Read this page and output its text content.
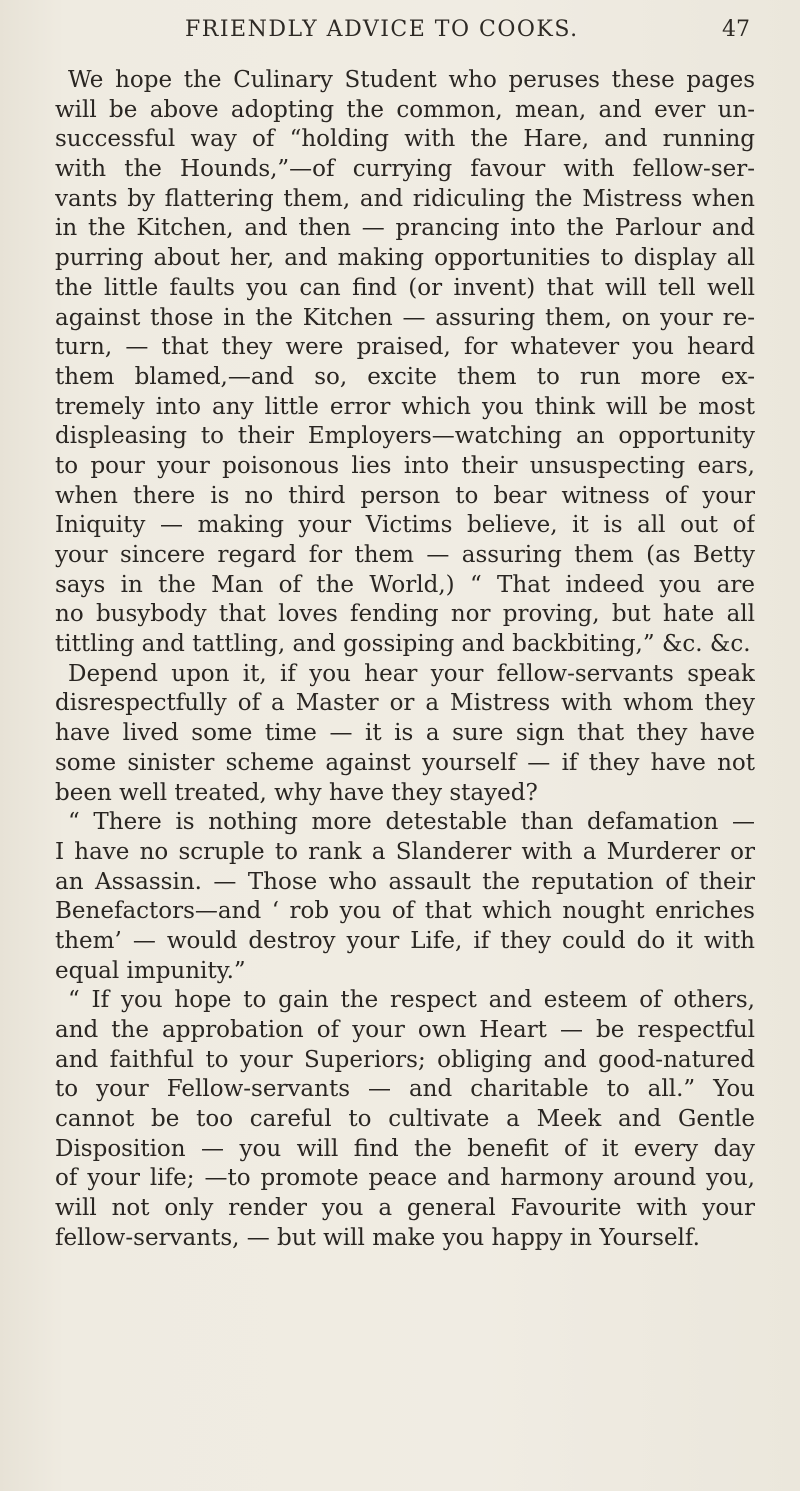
FRIENDLY ADVICE TO COOKS.	47
We hope the Culinary Student who peruses these pages
will be above adopting the common, mean, and ever un-
successful way of “holding with the Hare, and running
with the Hounds,”—of currying favour with fellow-ser-
vants by flattering them, and ridiculing the Mistress when
in the Kitchen, and then — prancing into the Parlour and
purring about her, and making opportunities to display all
the little faults you can find (or invent) that will tell well
against those in the Kitchen — assuring them, on your re-
turn, — that they were praised, for whatever you heard
them blamed,—and so, excite them to run more ex-
tremely into any little error which you think will be most
displeasing to their Employers—watching an opportunity
to pour your poisonous lies into their unsuspecting ears,
when there is no third person to bear witness of your
Iniquity — making your Victims believe, it is all out of
your sincere regard for them — assuring them (as Betty
says in the Man of the World,) “ That indeed you are
no busybody that loves fending nor proving, but hate all
tittling and tattling, and gossiping and backbiting,” &c. &c.
Depend upon it, if you hear your fellow-servants speak
disrespectfully of a Master or a Mistress with whom they
have lived some time — it is a sure sign that they have
some sinister scheme against yourself — if they have not
been well treated, why have they stayed?
“ There is nothing more detestable than defamation —
I have no scruple to rank a Slanderer with a Murderer or
an Assassin. — Those who assault the reputation of their
Benefactors—and ‘ rob you of that which nought enriches
them’ — would destroy your Life, if they could do it with
equal impunity.”
“ If you hope to gain the respect and esteem of others,
and the approbation of your own Heart — be respectful
and faithful to your Superiors; obliging and good-natured
to your Fellow-servants — and charitable to all.” You
cannot be too careful to cultivate a Meek and Gentle
Disposition — you will find the benefit of it every day
of your life; —to promote peace and harmony around you,
will not only render you a general Favourite with your
fellow-servants, — but will make you happy in Yourself.
